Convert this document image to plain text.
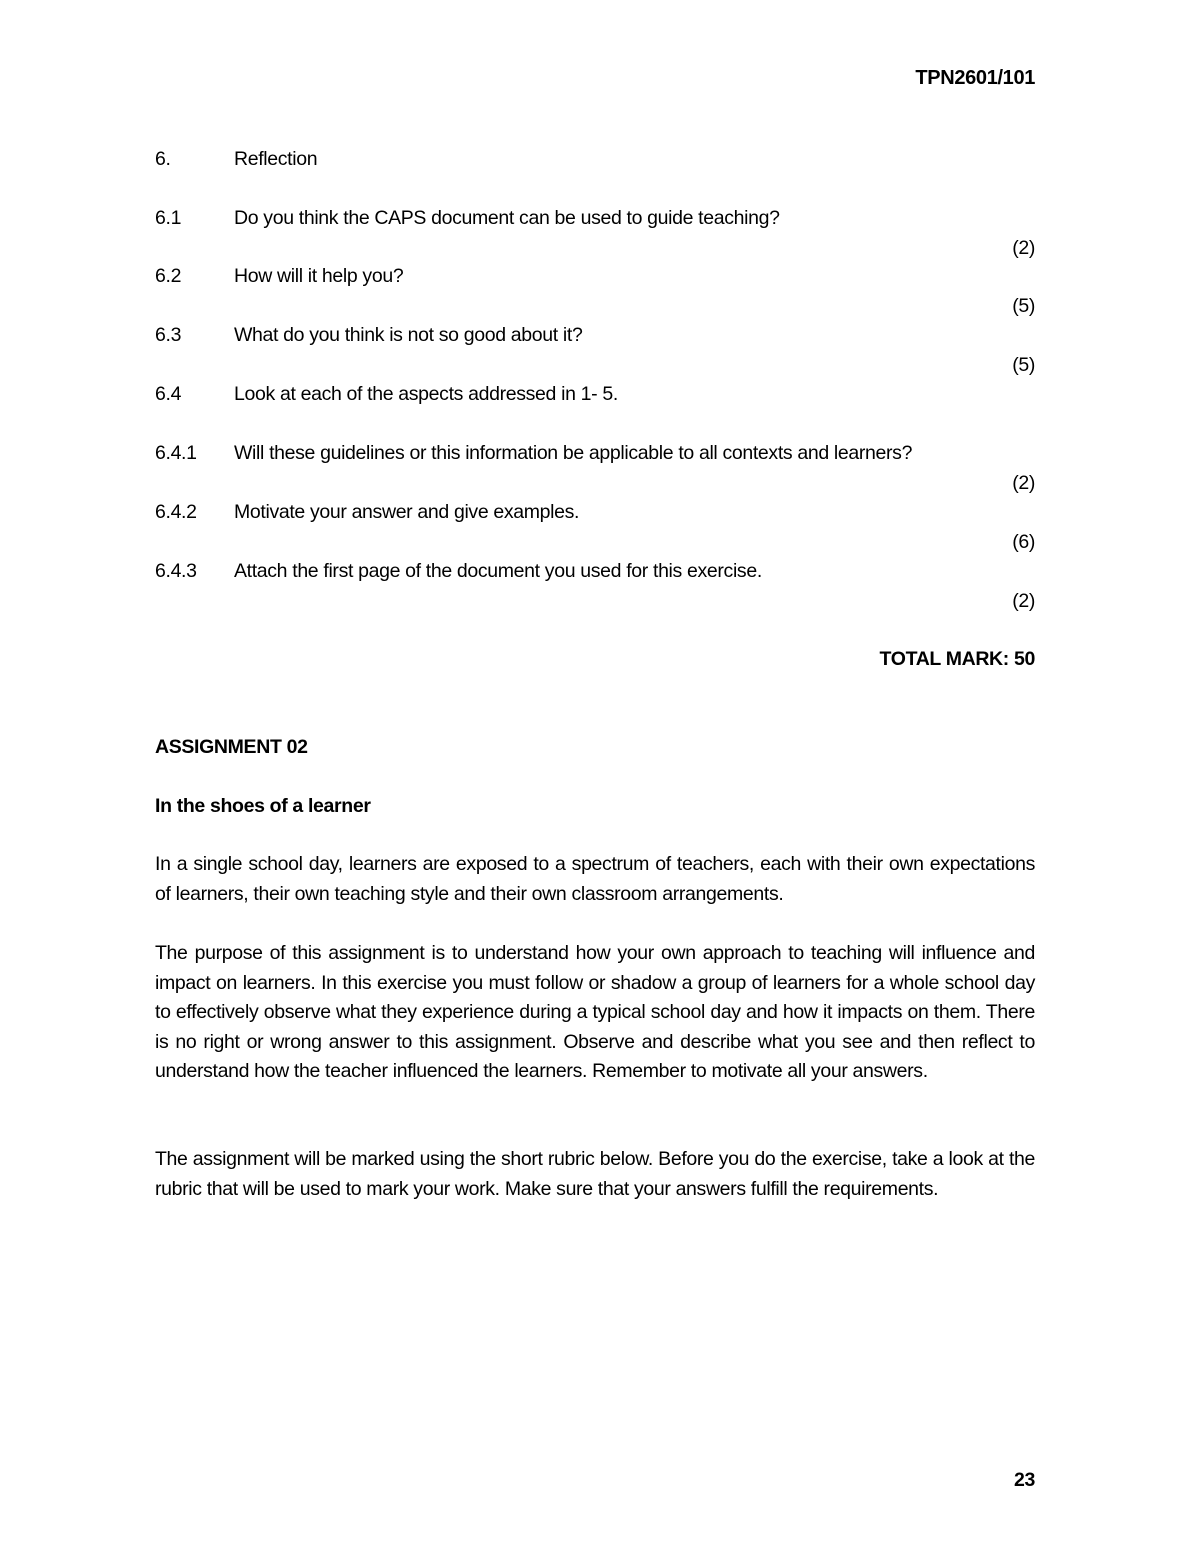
TPN2601/101
6.	Reflection
6.1	Do you think the CAPS document can be used to guide teaching?
(2)
6.2	How will it help you?
(5)
6.3	What do you think is not so good about it?
(5)
6.4	Look at each of the aspects addressed in 1- 5.
6.4.1 Will these guidelines or this information be applicable to all contexts and learners?
(2)
6.4.2 Motivate your answer and give examples.
(6)
6.4.3 Attach the first page of the document you used for this exercise.
(2)
TOTAL MARK: 50
ASSIGNMENT 02
In the shoes of a learner
In a single school day, learners are exposed to a spectrum of teachers, each with their own expectations of learners, their own teaching style and their own classroom arrangements.
The purpose of this assignment is to understand how your own approach to teaching will influence and impact on learners. In this exercise you must follow or shadow a group of learners for a whole school day to effectively observe what they experience during a typical school day and how it impacts on them. There is no right or wrong answer to this assignment. Observe and describe what you see and then reflect to understand how the teacher influenced the learners. Remember to motivate all your answers.
The assignment will be marked using the short rubric below. Before you do the exercise, take a look at the rubric that will be used to mark your work. Make sure that your answers fulfill the requirements.
23
